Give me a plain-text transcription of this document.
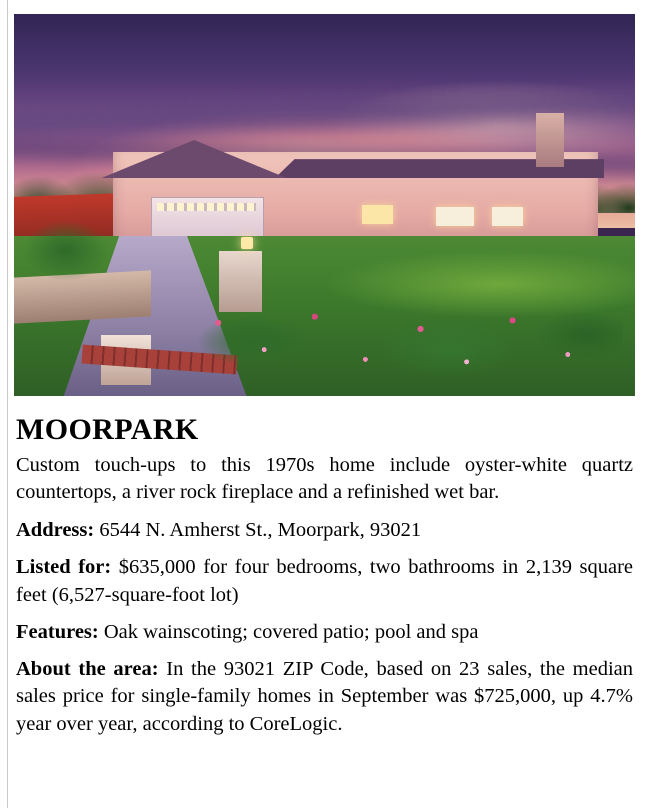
MOORPARK

Custom touch-ups to this 1970s home include oyster-white quartz countertops, a river rock fireplace and a refinished wet bar.

Address: 6544 N. Amherst St., Moorpark, 93021

Listed for: $635,000 for four bedrooms, two bathrooms in 2,139 square feet (6,527-square-foot lot)

Features: Oak wainscoting; covered patio; pool and spa

About the area: In the 93021 ZIP Code, based on 23 sales, the median sales price for single-family homes in September was $725,000, up 4.7% year over year, according to CoreLogic.
